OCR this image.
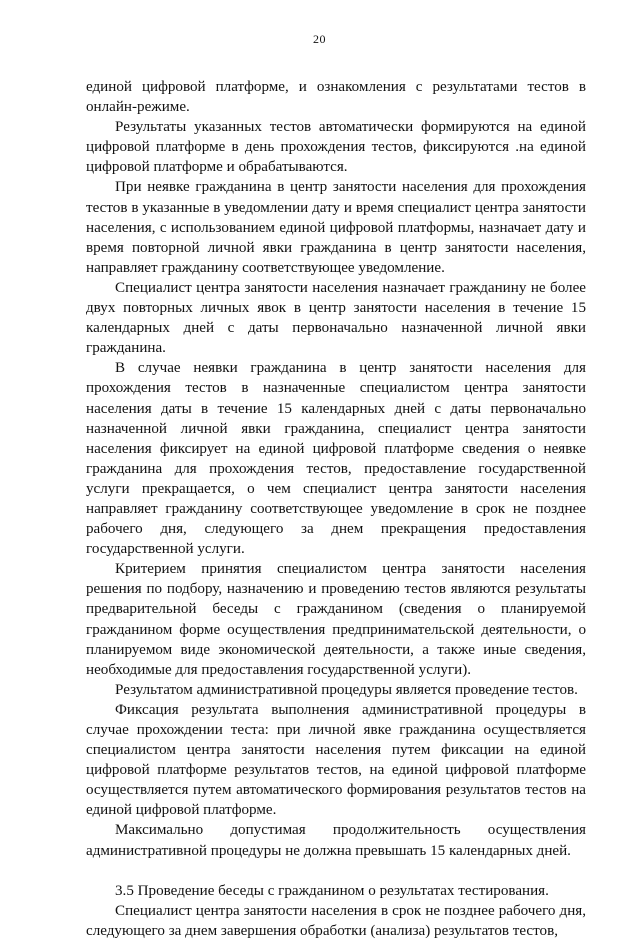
20

единой цифровой платформе, и ознакомления с результатами тестов в онлайн-режиме.

Результаты указанных тестов автоматически формируются на единой цифровой платформе в день прохождения тестов, фиксируются .на единой цифровой платформе и обрабатываются.

При неявке гражданина в центр занятости населения для прохождения тестов в указанные в уведомлении дату и время специалист центра занятости населения, с использованием единой цифровой платформы, назначает дату и время повторной личной явки гражданина в центр занятости населения, направляет гражданину соответствующее уведомление.

Специалист центра занятости населения назначает гражданину не более двух повторных личных явок в центр занятости населения в течение 15 календарных дней с даты первоначально назначенной личной явки гражданина.

В случае неявки гражданина в центр занятости населения для прохождения тестов в назначенные специалистом центра занятости населения даты в течение 15 календарных дней с даты первоначально назначенной личной явки гражданина, специалист центра занятости населения фиксирует на единой цифровой платформе сведения о неявке гражданина для прохождения тестов, предоставление государственной услуги прекращается, о чем специалист центра занятости населения направляет гражданину соответствующее уведомление в срок не позднее рабочего дня, следующего за днем прекращения предоставления государственной услуги.

Критерием принятия специалистом центра занятости населения решения по подбору, назначению и проведению тестов являются результаты предварительной беседы с гражданином (сведения о планируемой гражданином форме осуществления предпринимательской деятельности, о планируемом виде экономической деятельности, а также иные сведения, необходимые для предоставления государственной услуги).

Результатом административной процедуры является проведение тестов.

Фиксация результата выполнения административной процедуры в случае прохождении теста: при личной явке гражданина осуществляется специалистом центра занятости населения путем фиксации на единой цифровой платформе результатов тестов, на единой цифровой платформе осуществляется путем автоматического формирования результатов тестов на единой цифровой платформе.

Максимально допустимая продолжительность осуществления административной процедуры не должна превышать 15 календарных дней.

3.5 Проведение беседы с гражданином о результатах тестирования.

Специалист центра занятости населения в срок не позднее рабочего дня, следующего за днем завершения обработки (анализа) результатов тестов,
